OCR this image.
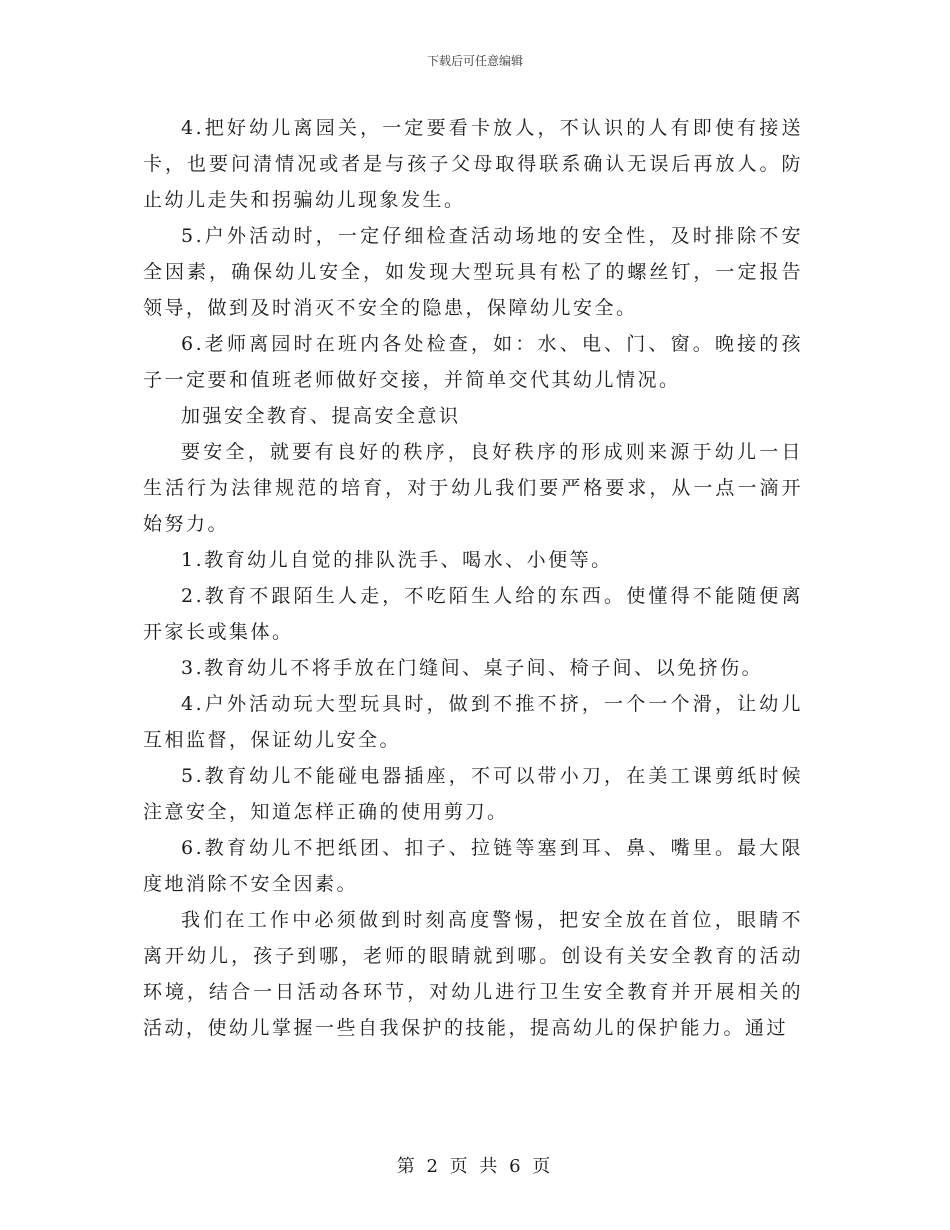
下载后可任意编辑

4.把好幼儿离园关，一定要看卡放人，不认识的人有即使有接送卡，也要问清情况或者是与孩子父母取得联系确认无误后再放人。防止幼儿走失和拐骗幼儿现象发生。

5.户外活动时，一定仔细检查活动场地的安全性，及时排除不安全因素，确保幼儿安全，如发现大型玩具有松了的螺丝钉，一定报告领导，做到及时消灭不安全的隐患，保障幼儿安全。

6.老师离园时在班内各处检查，如：水、电、门、窗。晚接的孩子一定要和值班老师做好交接，并简单交代其幼儿情况。

加强安全教育、提高安全意识

要安全，就要有良好的秩序，良好秩序的形成则来源于幼儿一日生活行为法律规范的培育，对于幼儿我们要严格要求，从一点一滴开始努力。

1.教育幼儿自觉的排队洗手、喝水、小便等。

2.教育不跟陌生人走，不吃陌生人给的东西。使懂得不能随便离开家长或集体。

3.教育幼儿不将手放在门缝间、桌子间、椅子间、以免挤伤。

4.户外活动玩大型玩具时，做到不推不挤，一个一个滑，让幼儿互相监督，保证幼儿安全。

5.教育幼儿不能碰电器插座，不可以带小刀，在美工课剪纸时候注意安全，知道怎样正确的使用剪刀。

6.教育幼儿不把纸团、扣子、拉链等塞到耳、鼻、嘴里。最大限度地消除不安全因素。

我们在工作中必须做到时刻高度警惕，把安全放在首位，眼睛不离开幼儿，孩子到哪，老师的眼睛就到哪。创设有关安全教育的活动环境，结合一日活动各环节，对幼儿进行卫生安全教育并开展相关的活动，使幼儿掌握一些自我保护的技能，提高幼儿的保护能力。通过

第 2 页 共 6 页
